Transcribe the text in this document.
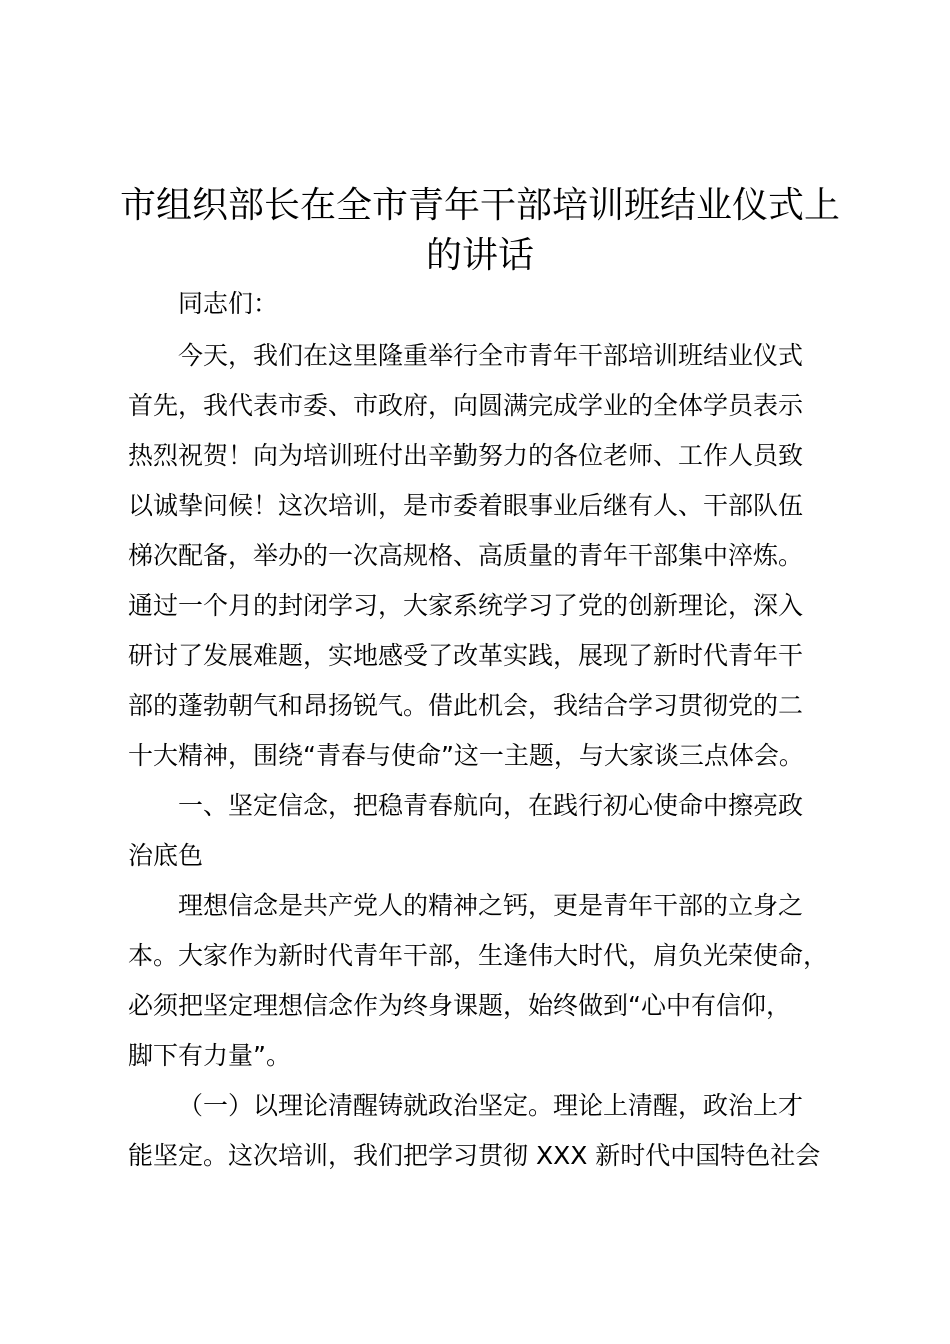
市组织部长在全市青年干部培训班结业仪式上
的讲话

同志们：

今天，我们在这里隆重举行全市青年干部培训班结业仪式

首先，我代表市委、市政府，向圆满完成学业的全体学员表示

热烈祝贺！向为培训班付出辛勤努力的各位老师、工作人员致

以诚挚问候！这次培训，是市委着眼事业后继有人、干部队伍

梯次配备，举办的一次高规格、高质量的青年干部集中淬炼。

通过一个月的封闭学习，大家系统学习了党的创新理论，深入

研讨了发展难题，实地感受了改革实践，展现了新时代青年干

部的蓬勃朝气和昂扬锐气。借此机会，我结合学习贯彻党的二

十大精神，围绕“青春与使命”这一主题，与大家谈三点体会。

一、坚定信念，把稳青春航向，在践行初心使命中擦亮政

治底色

理想信念是共产党人的精神之钙，更是青年干部的立身之

本。大家作为新时代青年干部，生逢伟大时代，肩负光荣使命，

必须把坚定理想信念作为终身课题，始终做到“心中有信仰，

脚下有力量”。

（一）以理论清醒铸就政治坚定。理论上清醒，政治上才

能坚定。这次培训，我们把学习贯彻 XXX 新时代中国特色社会
